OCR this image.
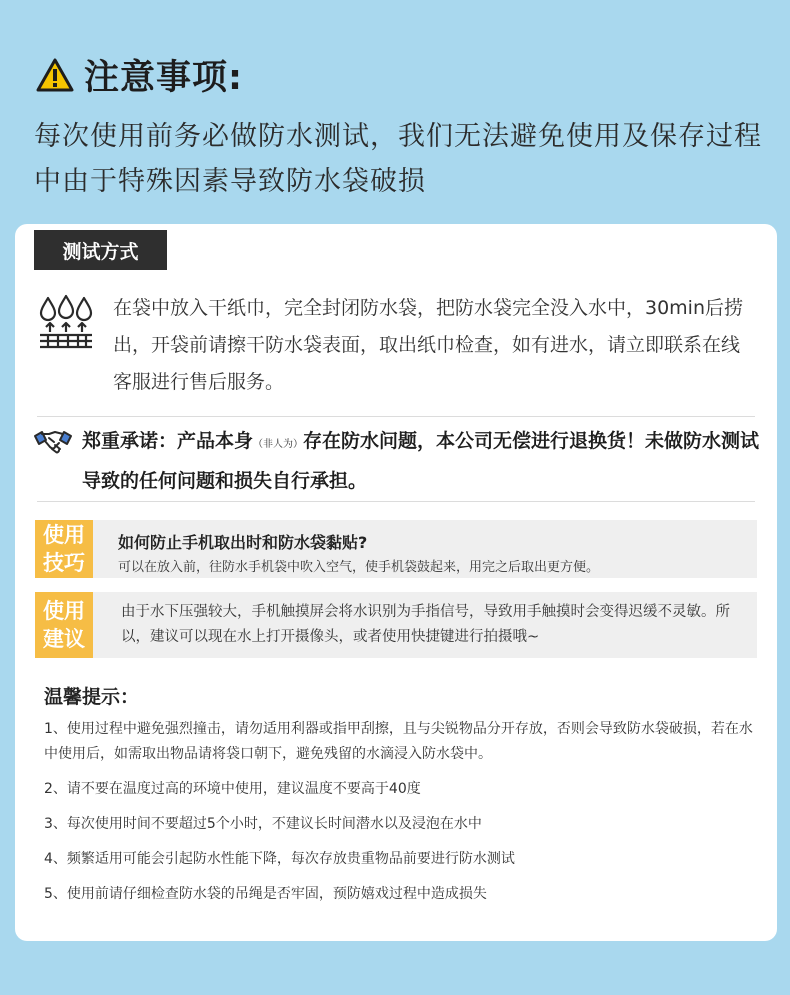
注意事项:
每次使用前务必做防水测试，我们无法避免使用及保存过程中由于特殊因素导致防水袋破损
测试方式
在袋中放入干纸巾，完全封闭防水袋，把防水袋完全没入水中，30min后捞出，开袋前请擦干防水袋表面，取出纸巾检查，如有进水，请立即联系在线客服进行售后服务。
郑重承诺：产品本身（非人为）存在防水问题，本公司无偿进行退换货！未做防水测试导致的任何问题和损失自行承担。
使用
技巧
如何防止手机取出时和防水袋黏贴?
可以在放入前，往防水手机袋中吹入空气，使手机袋鼓起来，用完之后取出更方便。
使用
建议
由于水下压强较大，手机触摸屏会将水识别为手指信号，导致用手触摸时会变得迟缓不灵敏。所以，建议可以现在水上打开摄像头，或者使用快捷键进行拍摄哦~
温馨提示：
1、使用过程中避免强烈撞击，请勿适用利器或指甲刮擦，且与尖锐物品分开存放，否则会导致防水袋破损，若在水中使用后，如需取出物品请将袋口朝下，避免残留的水滴浸入防水袋中。
2、请不要在温度过高的环境中使用，建议温度不要高于40度
3、每次使用时间不要超过5个小时，不建议长时间潜水以及浸泡在水中
4、频繁适用可能会引起防水性能下降，每次存放贵重物品前要进行防水测试
5、使用前请仔细检查防水袋的吊绳是否牢固，预防嬉戏过程中造成损失
